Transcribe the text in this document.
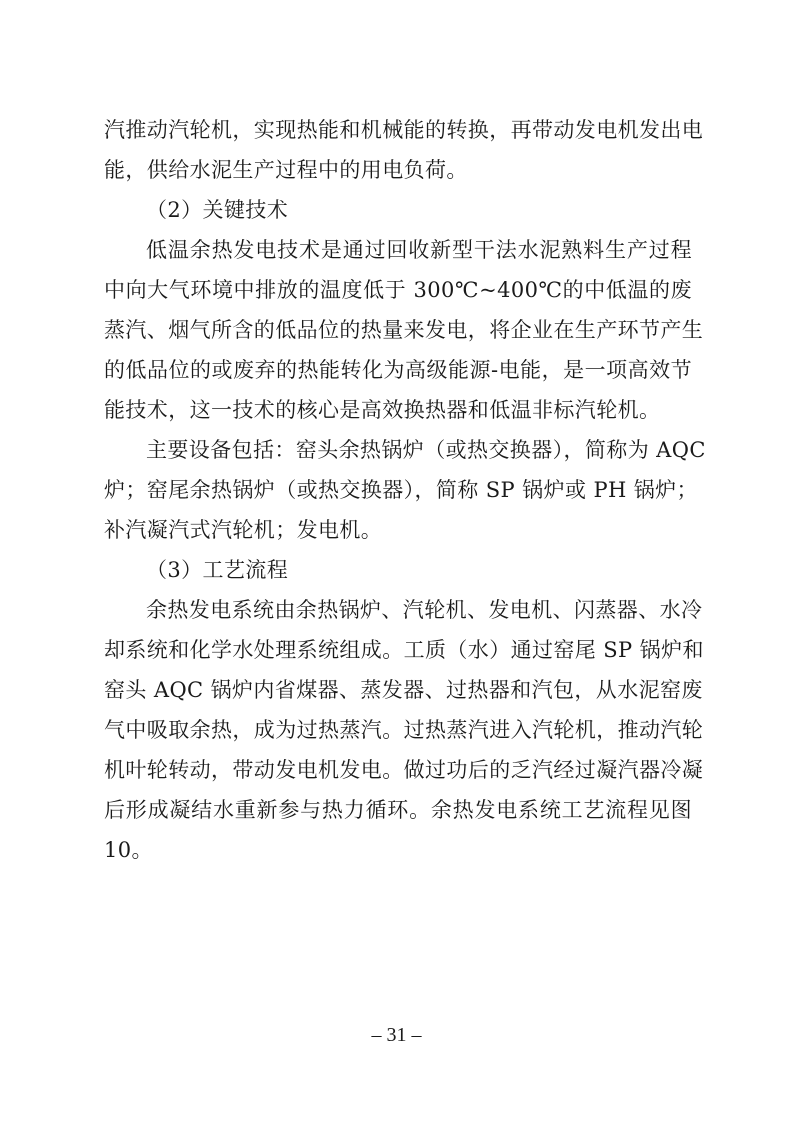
汽推动汽轮机，实现热能和机械能的转换，再带动发电机发出电
能，供给水泥生产过程中的用电负荷。
（2）关键技术
低温余热发电技术是通过回收新型干法水泥熟料生产过程
中向大气环境中排放的温度低于 300℃~400℃的中低温的废
蒸汽、烟气所含的低品位的热量来发电，将企业在生产环节产生
的低品位的或废弃的热能转化为高级能源-电能，是一项高效节
能技术，这一技术的核心是高效换热器和低温非标汽轮机。
主要设备包括：窑头余热锅炉（或热交换器），简称为 AQC
炉；窑尾余热锅炉（或热交换器），简称 SP 锅炉或 PH 锅炉；
补汽凝汽式汽轮机；发电机。
（3）工艺流程
余热发电系统由余热锅炉、汽轮机、发电机、闪蒸器、水冷
却系统和化学水处理系统组成。工质（水）通过窑尾 SP 锅炉和
窑头 AQC 锅炉内省煤器、蒸发器、过热器和汽包，从水泥窑废
气中吸取余热，成为过热蒸汽。过热蒸汽进入汽轮机，推动汽轮
机叶轮转动，带动发电机发电。做过功后的乏汽经过凝汽器冷凝
后形成凝结水重新参与热力循环。余热发电系统工艺流程见图
10。
– 31 –
